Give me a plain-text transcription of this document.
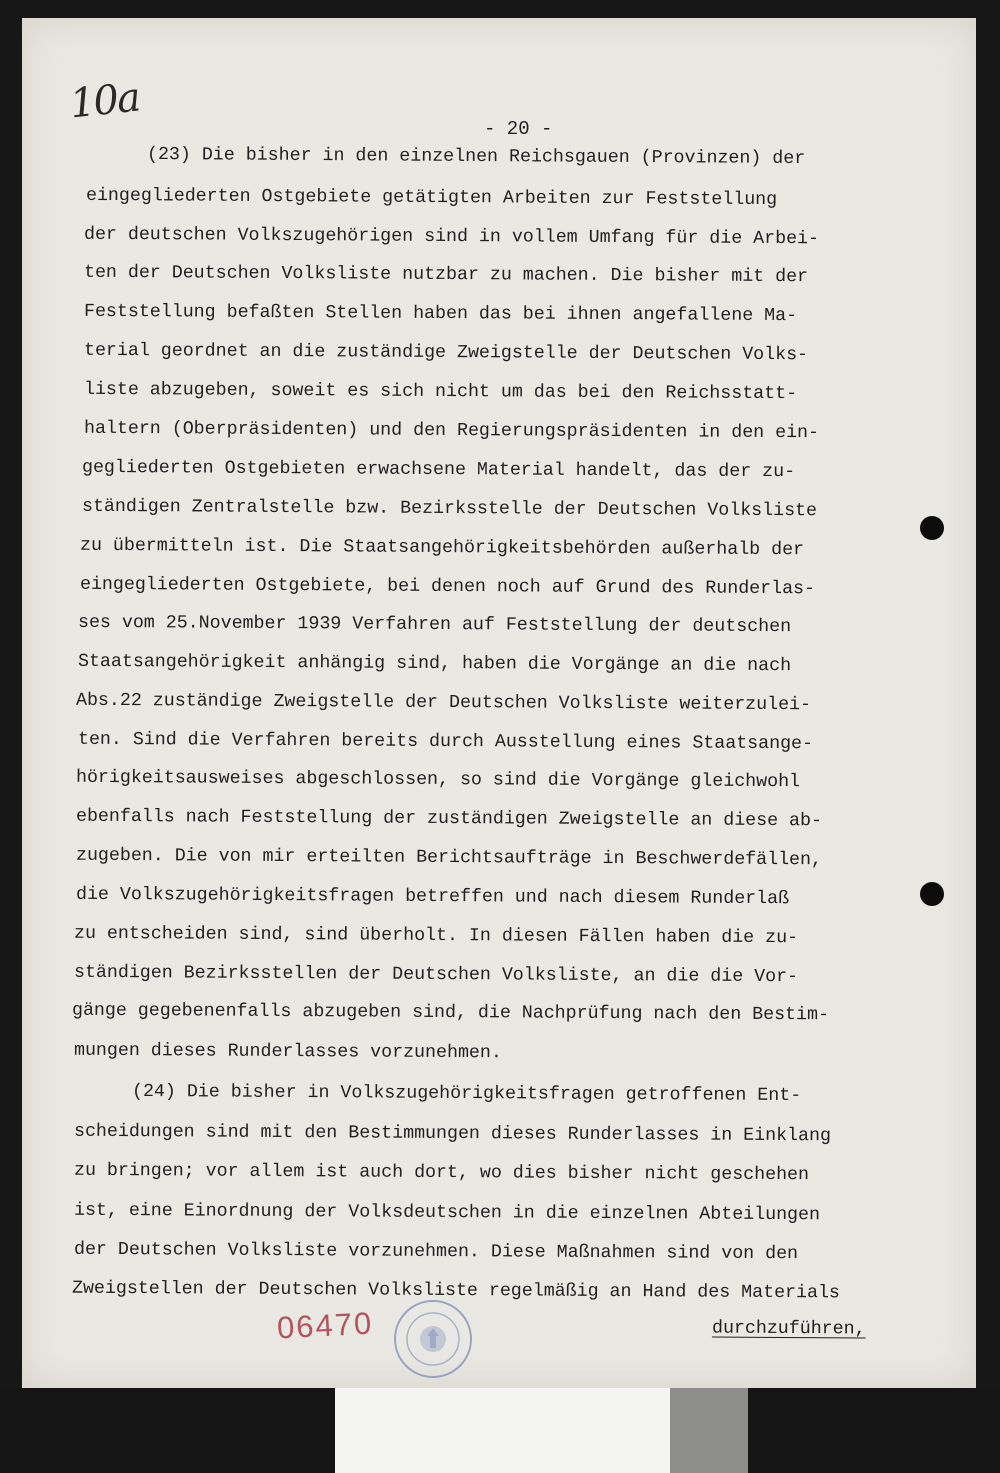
10a
- 20 -
(23) Die bisher in den einzelnen Reichsgauen (Provinzen) der
eingegliederten Ostgebiete getätigten Arbeiten zur Feststellung
der deutschen Volkszugehörigen sind in vollem Umfang für die Arbei-
ten der Deutschen Volksliste nutzbar zu machen. Die bisher mit der
Feststellung befaßten Stellen haben das bei ihnen angefallene Ma-
terial geordnet an die zuständige Zweigstelle der Deutschen Volks-
liste abzugeben, soweit es sich nicht um das bei den Reichsstatt-
haltern (Oberpräsidenten) und den Regierungspräsidenten in den ein-
gegliederten Ostgebieten erwachsene Material handelt, das der zu-
ständigen Zentralstelle bzw. Bezirksstelle der Deutschen Volksliste
zu übermitteln ist. Die Staatsangehörigkeitsbehörden außerhalb der
eingegliederten Ostgebiete, bei denen noch auf Grund des Runderlas-
ses vom 25.November 1939 Verfahren auf Feststellung der deutschen
Staatsangehörigkeit anhängig sind, haben die Vorgänge an die nach
Abs.22 zuständige Zweigstelle der Deutschen Volksliste weiterzulei-
ten. Sind die Verfahren bereits durch Ausstellung eines Staatsange-
hörigkeitsausweises abgeschlossen, so sind die Vorgänge gleichwohl
ebenfalls nach Feststellung der zuständigen Zweigstelle an diese ab-
zugeben. Die von mir erteilten Berichtsaufträge in Beschwerdefällen,
die Volkszugehörigkeitsfragen betreffen und nach diesem Runderlaß
zu entscheiden sind, sind überholt. In diesen Fällen haben die zu-
ständigen Bezirksstellen der Deutschen Volksliste, an die die Vor-
gänge gegebenenfalls abzugeben sind, die Nachprüfung nach den Bestim-
mungen dieses Runderlasses vorzunehmen.
(24) Die bisher in Volkszugehörigkeitsfragen getroffenen Ent-
scheidungen sind mit den Bestimmungen dieses Runderlasses in Einklang
zu bringen; vor allem ist auch dort, wo dies bisher nicht geschehen
ist, eine Einordnung der Volksdeutschen in die einzelnen Abteilungen
der Deutschen Volksliste vorzunehmen. Diese Maßnahmen sind von den
Zweigstellen der Deutschen Volksliste regelmäßig an Hand des Materials
durchzuführen,
06470
